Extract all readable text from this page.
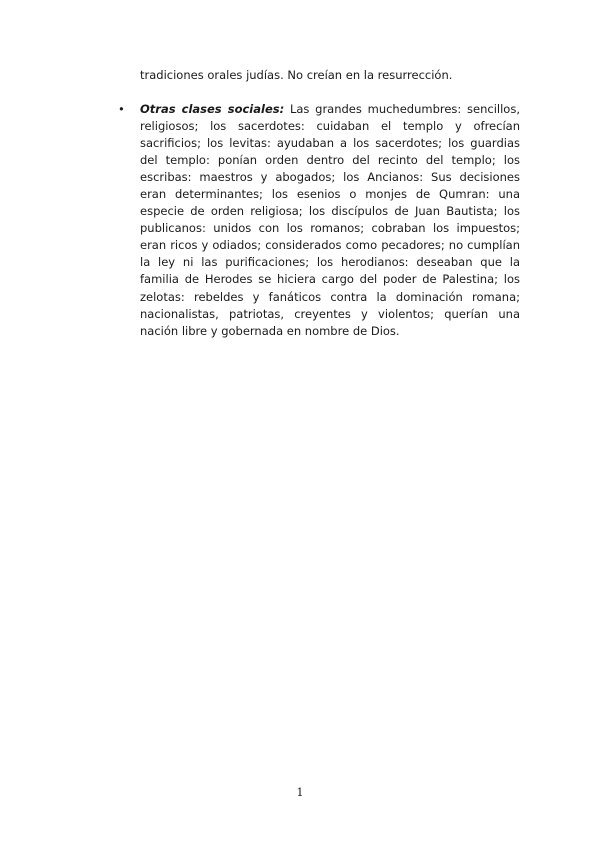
tradiciones orales judías. No creían en la resurrección.

• Otras clases sociales: Las grandes muchedumbres: sencillos, religiosos; los sacerdotes: cuidaban el templo y ofrecían sacrificios; los levitas: ayudaban a los sacerdotes; los guardias del templo: ponían orden dentro del recinto del templo; los escribas: maestros y abogados; los Ancianos: Sus decisiones eran determinantes; los esenios o monjes de Qumran: una especie de orden religiosa; los discípulos de Juan Bautista; los publicanos: unidos con los romanos; cobraban los impuestos; eran ricos y odiados; considerados como pecadores; no cumplían la ley ni las purificaciones; los herodianos: deseaban que la familia de Herodes se hiciera cargo del poder de Palestina; los zelotas: rebeldes y fanáticos contra la dominación romana; nacionalistas, patriotas, creyentes y violentos; querían una nación libre y gobernada en nombre de Dios.

1
